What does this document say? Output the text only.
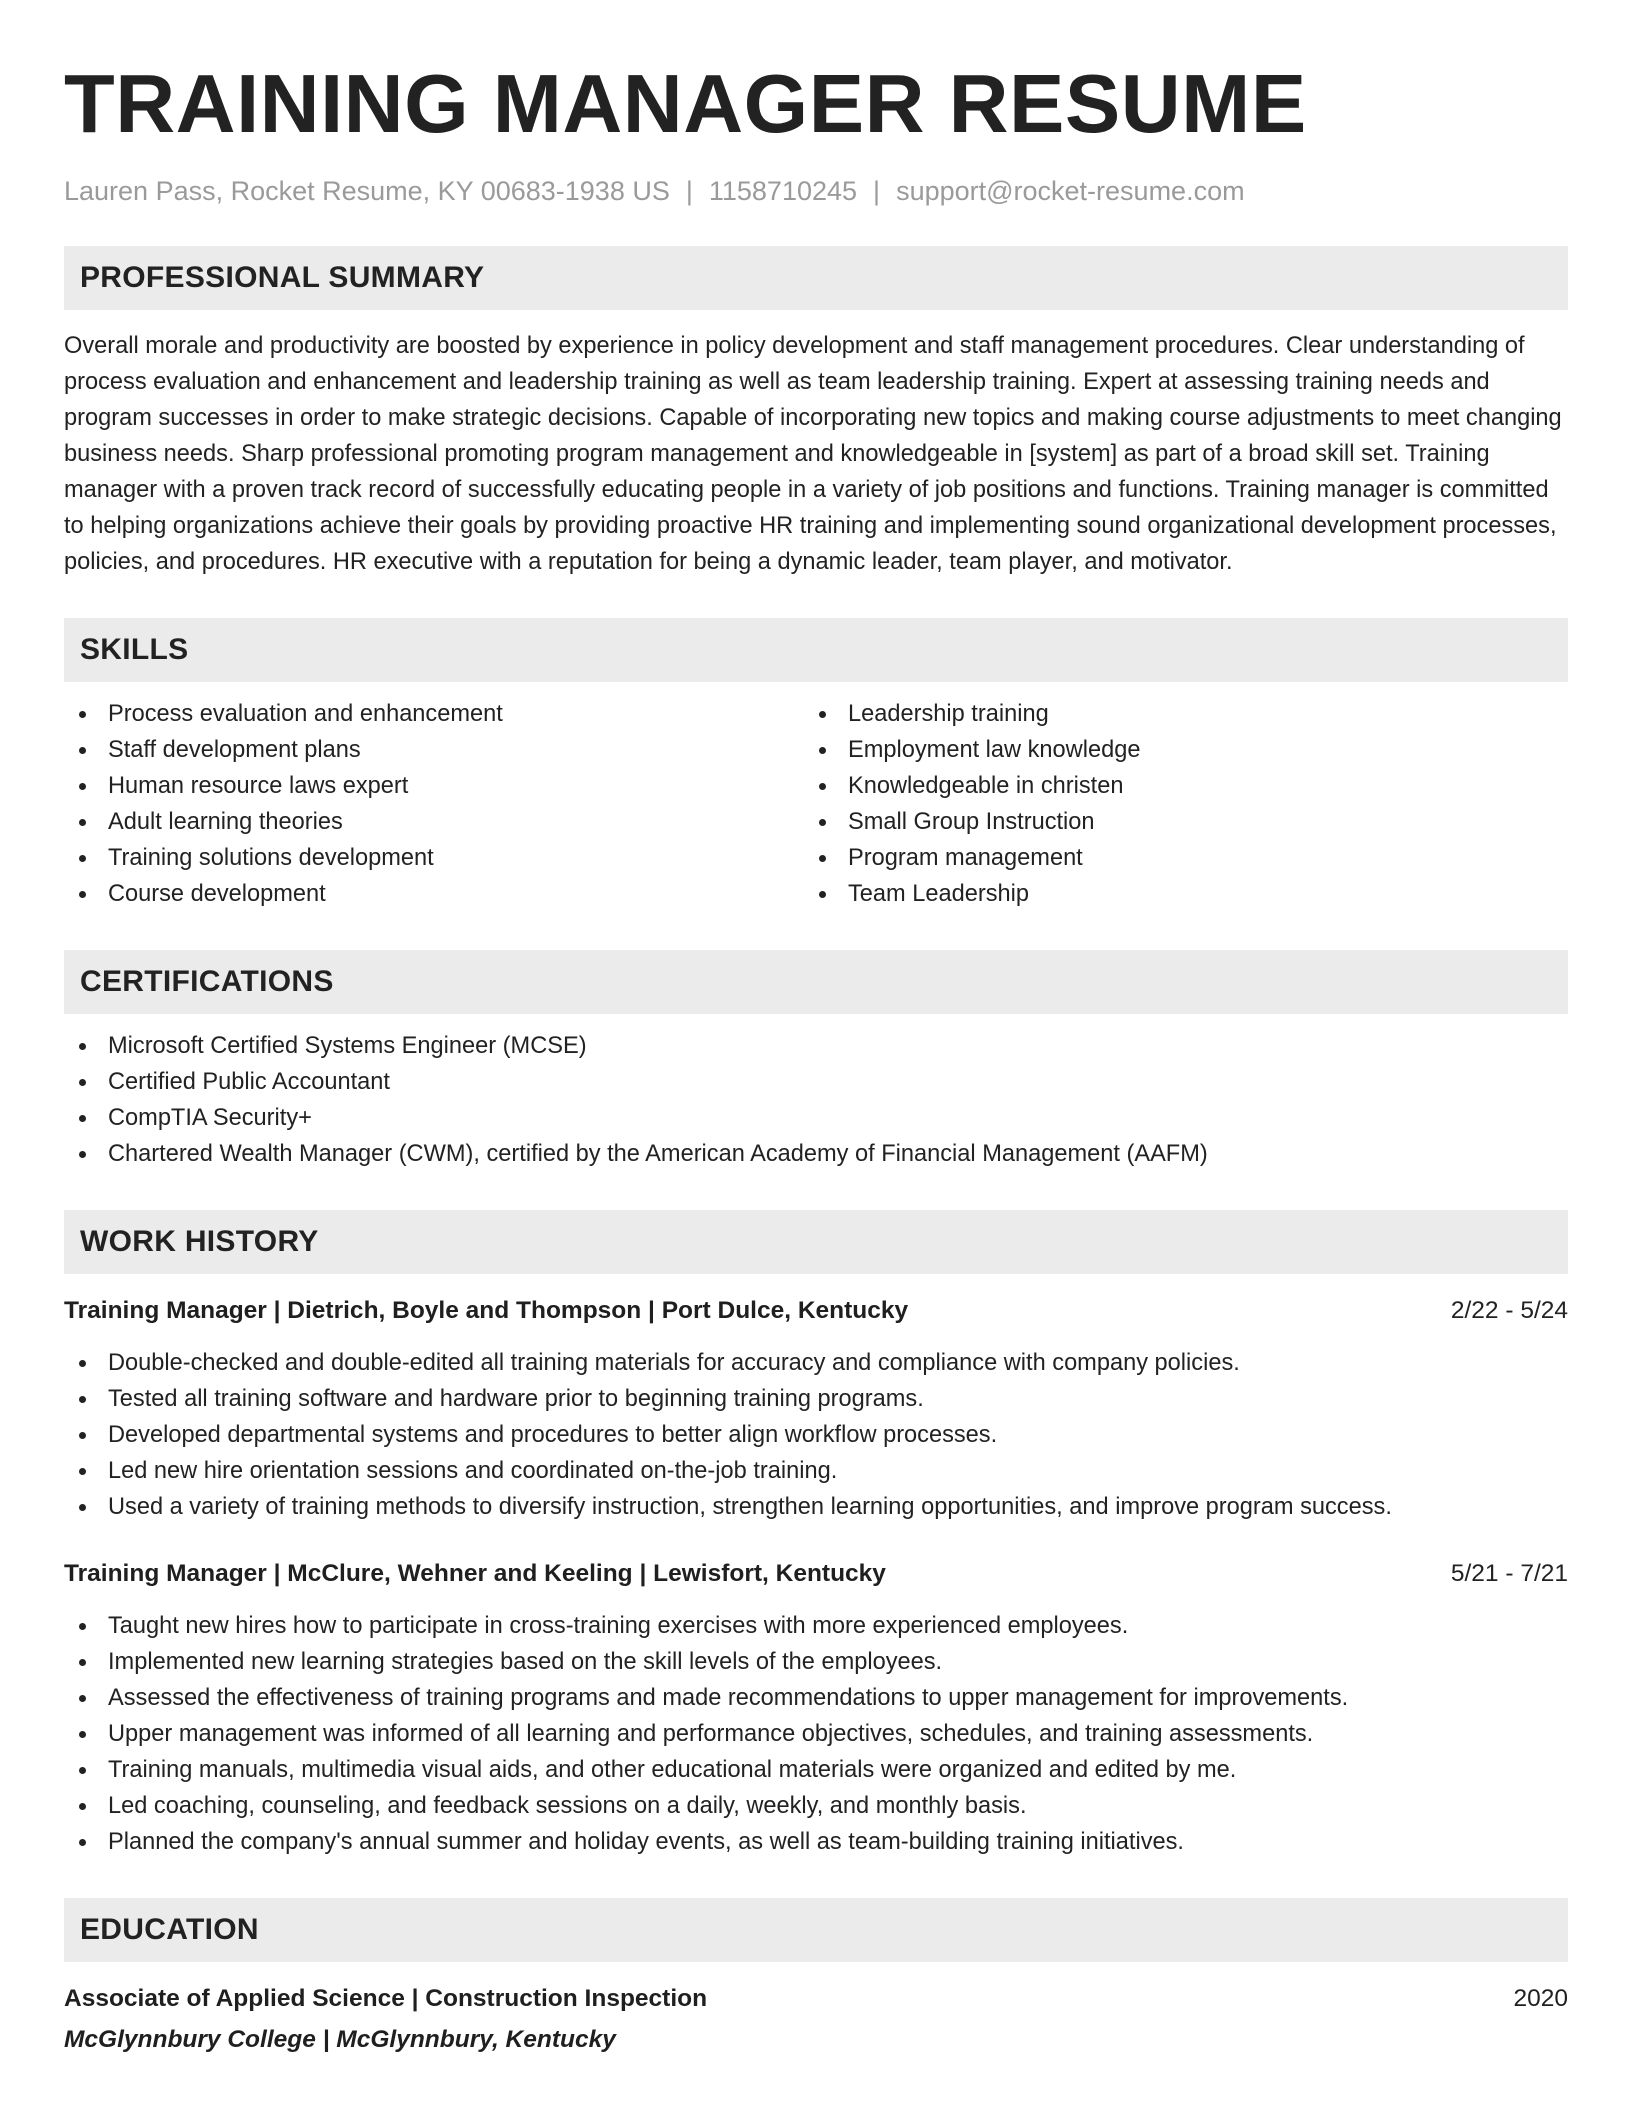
TRAINING MANAGER RESUME
Lauren Pass, Rocket Resume, KY 00683-1938 US | 1158710245 | support@rocket-resume.com
PROFESSIONAL SUMMARY

Overall morale and productivity are boosted by experience in policy development and staff management procedures. Clear understanding of process evaluation and enhancement and leadership training as well as team leadership training. Expert at assessing training needs and program successes in order to make strategic decisions. Capable of incorporating new topics and making course adjustments to meet changing business needs. Sharp professional promoting program management and knowledgeable in [system] as part of a broad skill set. Training manager with a proven track record of successfully educating people in a variety of job positions and functions. Training manager is committed to helping organizations achieve their goals by providing proactive HR training and implementing sound organizational development processes, policies, and procedures. HR executive with a reputation for being a dynamic leader, team player, and motivator.

SKILLS
Process evaluation and enhancement
Staff development plans
Human resource laws expert
Adult learning theories
Training solutions development
Course development
Leadership training
Employment law knowledge
Knowledgeable in christen
Small Group Instruction
Program management
Team Leadership
CERTIFICATIONS
Microsoft Certified Systems Engineer (MCSE)
Certified Public Accountant
CompTIA Security+
Chartered Wealth Manager (CWM), certified by the American Academy of Financial Management (AAFM)
WORK HISTORY
Training Manager | Dietrich, Boyle and Thompson | Port Dulce, Kentucky	2/22 - 5/24
Double-checked and double-edited all training materials for accuracy and compliance with company policies.
Tested all training software and hardware prior to beginning training programs.
Developed departmental systems and procedures to better align workflow processes.
Led new hire orientation sessions and coordinated on-the-job training.
Used a variety of training methods to diversify instruction, strengthen learning opportunities, and improve program success.
Training Manager | McClure, Wehner and Keeling | Lewisfort, Kentucky	5/21 - 7/21
Taught new hires how to participate in cross-training exercises with more experienced employees.
Implemented new learning strategies based on the skill levels of the employees.
Assessed the effectiveness of training programs and made recommendations to upper management for improvements.
Upper management was informed of all learning and performance objectives, schedules, and training assessments.
Training manuals, multimedia visual aids, and other educational materials were organized and edited by me.
Led coaching, counseling, and feedback sessions on a daily, weekly, and monthly basis.
Planned the company's annual summer and holiday events, as well as team-building training initiatives.
EDUCATION
Associate of Applied Science | Construction Inspection	2020
McGlynnbury College | McGlynnbury, Kentucky
